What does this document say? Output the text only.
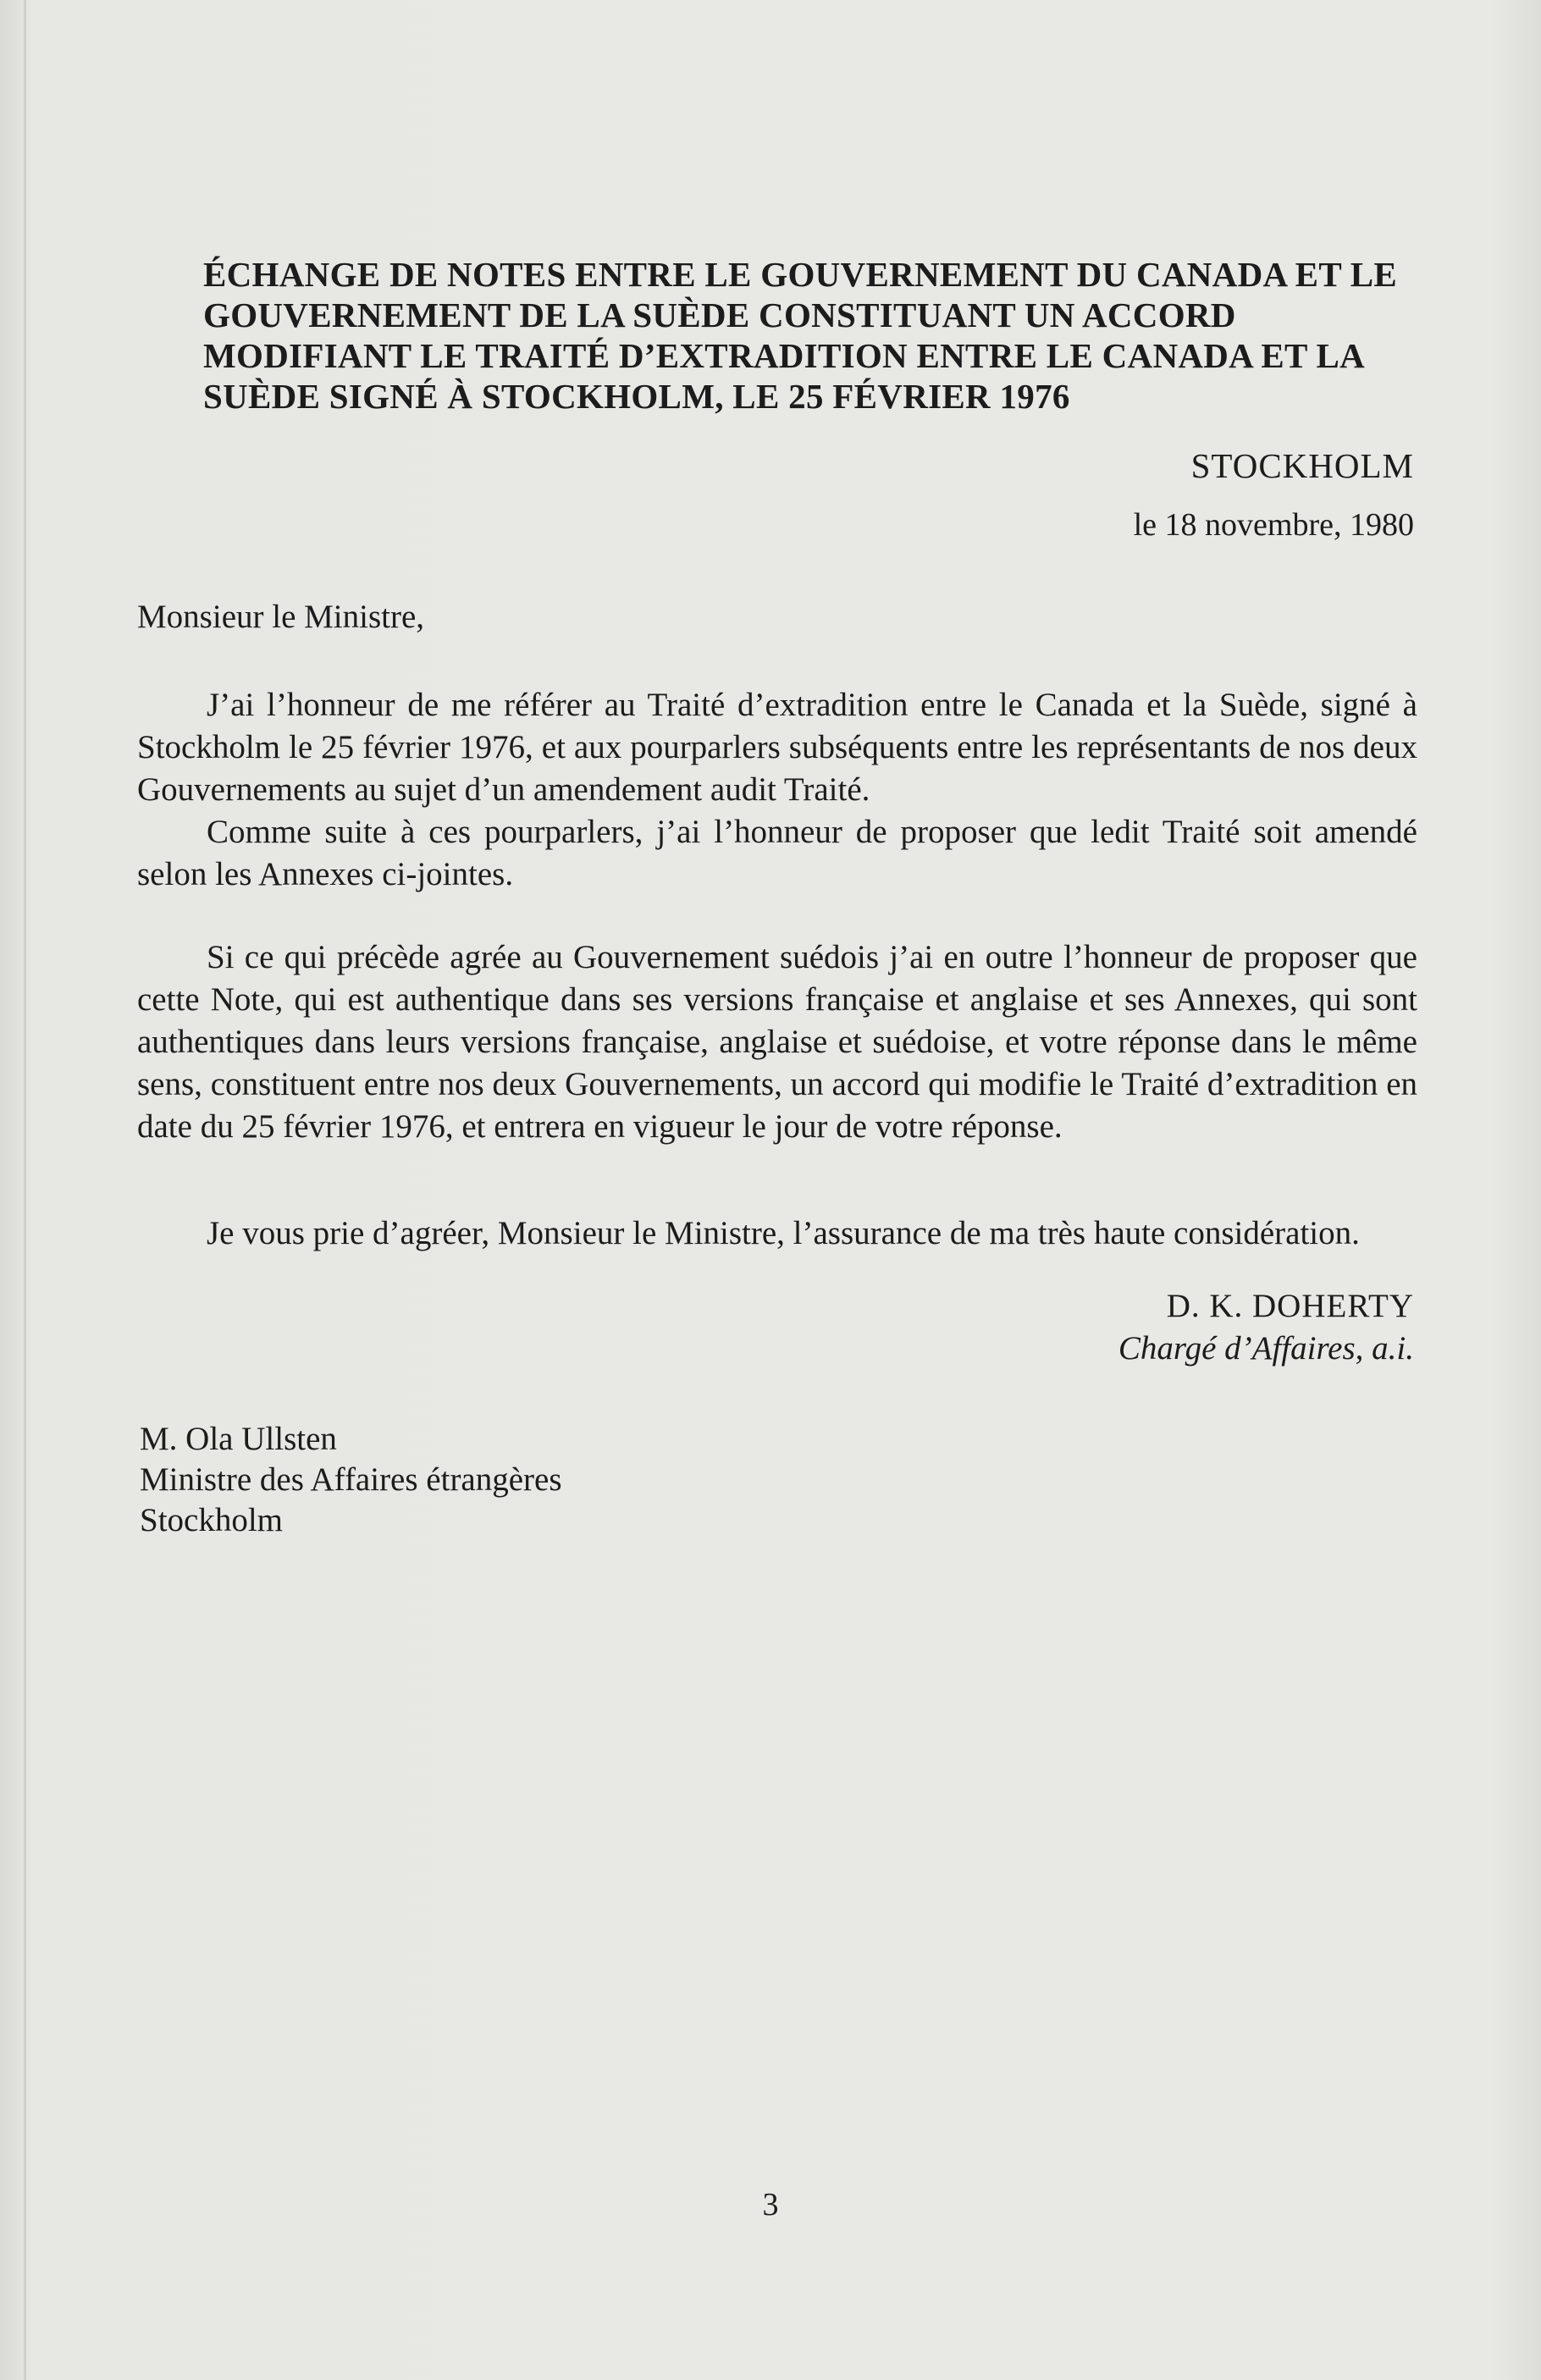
ÉCHANGE DE NOTES ENTRE LE GOUVERNEMENT DU CANADA ET LE
GOUVERNEMENT DE LA SUÈDE CONSTITUANT UN ACCORD
MODIFIANT LE TRAITÉ D’EXTRADITION ENTRE LE CANADA ET LA
SUÈDE SIGNÉ À STOCKHOLM, LE 25 FÉVRIER 1976
STOCKHOLM
le 18 novembre, 1980
Monsieur le Ministre,

J’ai l’honneur de me référer au Traité d’extradition entre le Canada et la Suède, signé à Stockholm le 25 février 1976, et aux pourparlers subséquents entre les représentants de nos deux Gouvernements au sujet d’un amendement audit Traité.

Comme suite à ces pourparlers, j’ai l’honneur de proposer que ledit Traité soit amendé selon les Annexes ci-jointes.

Si ce qui précède agrée au Gouvernement suédois j’ai en outre l’honneur de proposer que cette Note, qui est authentique dans ses versions française et anglaise et ses Annexes, qui sont authentiques dans leurs versions française, anglaise et suédoise, et votre réponse dans le même sens, constituent entre nos deux Gouvernements, un accord qui modifie le Traité d’extradition en date du 25 février 1976, et entrera en vigueur le jour de votre réponse.

Je vous prie d’agréer, Monsieur le Ministre, l’assurance de ma très haute considération.

D. K. DOHERTY
Chargé d’Affaires, a.i.
M. Ola Ullsten
Ministre des Affaires étrangères
Stockholm
3
